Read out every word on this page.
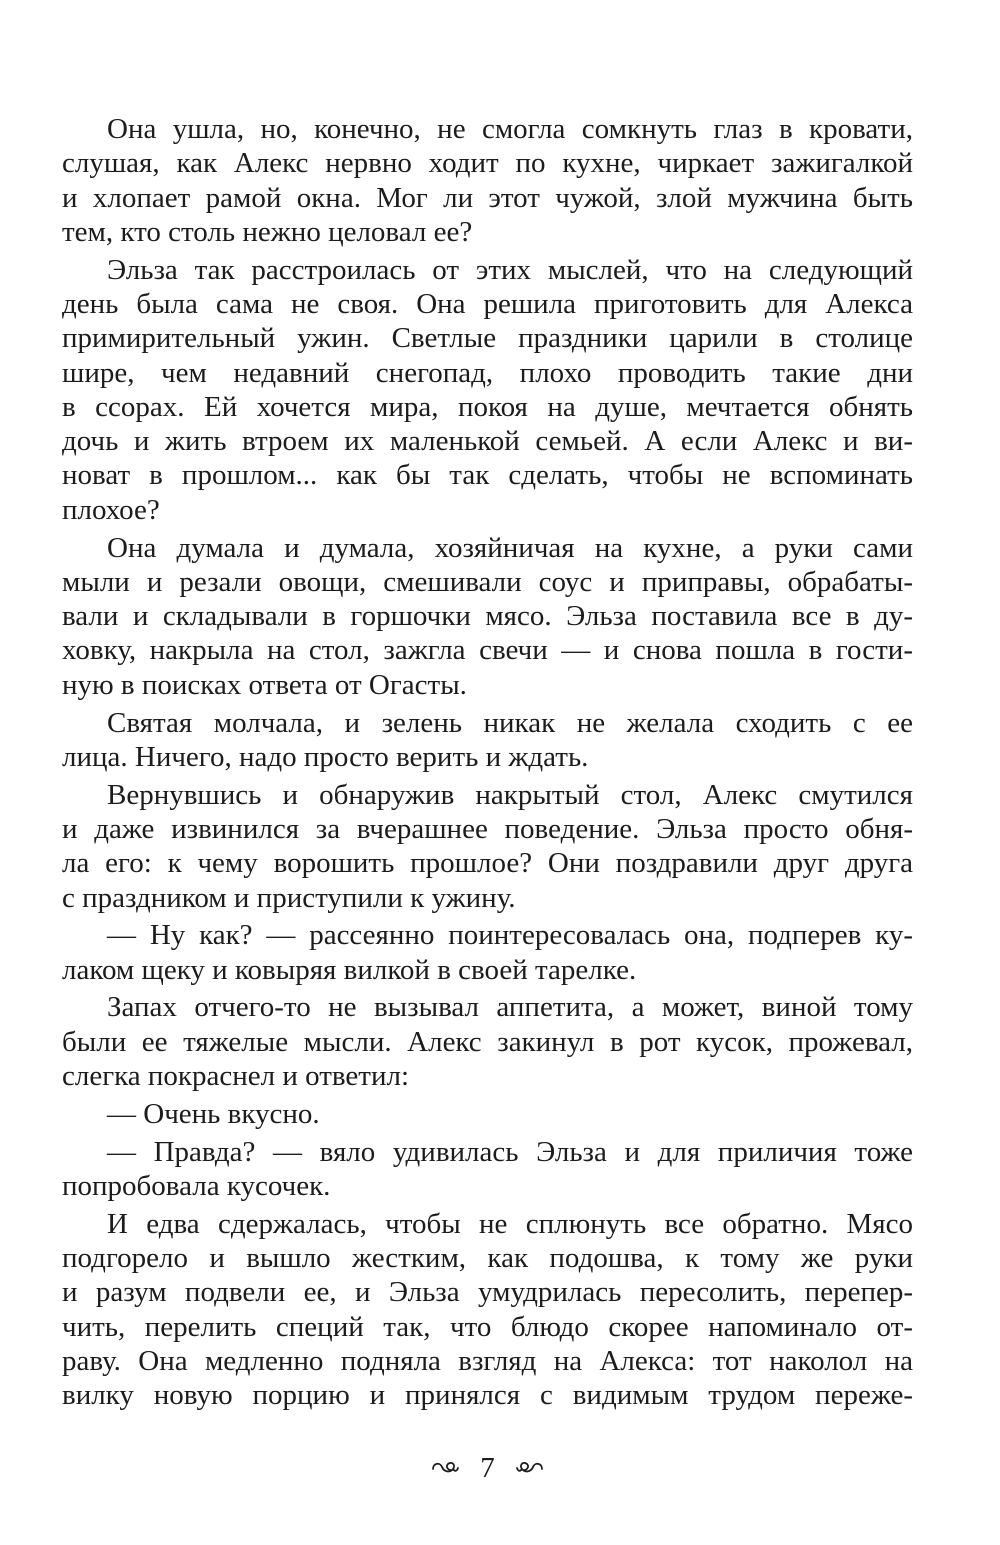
Она ушла, но, конечно, не смогла сомкнуть глаз в кровати,
слушая, как Алекс нервно ходит по кухне, чиркает зажигалкой
и хлопает рамой окна. Мог ли этот чужой, злой мужчина быть
тем, кто столь нежно целовал ее?
Эльза так расстроилась от этих мыслей, что на следующий
день была сама не своя. Она решила приготовить для Алекса
примирительный ужин. Светлые праздники царили в столице
шире, чем недавний снегопад, плохо проводить такие дни
в ссорах. Ей хочется мира, покоя на душе, мечтается обнять
дочь и жить втроем их маленькой семьей. А если Алекс и ви-
новат в прошлом... как бы так сделать, чтобы не вспоминать
плохое?
Она думала и думала, хозяйничая на кухне, а руки сами
мыли и резали овощи, смешивали соус и приправы, обрабаты-
вали и складывали в горшочки мясо. Эльза поставила все в ду-
ховку, накрыла на стол, зажгла свечи — и снова пошла в гости-
ную в поисках ответа от Огасты.
Святая молчала, и зелень никак не желала сходить с ее
лица. Ничего, надо просто верить и ждать.
Вернувшись и обнаружив накрытый стол, Алекс смутился
и даже извинился за вчерашнее поведение. Эльза просто обня-
ла его: к чему ворошить прошлое? Они поздравили друг друга
с праздником и приступили к ужину.
— Ну как? — рассеянно поинтересовалась она, подперев ку-
лаком щеку и ковыряя вилкой в своей тарелке.
Запах отчего-то не вызывал аппетита, а может, виной тому
были ее тяжелые мысли. Алекс закинул в рот кусок, прожевал,
слегка покраснел и ответил:
— Очень вкусно.
— Правда? — вяло удивилась Эльза и для приличия тоже
попробовала кусочек.
И едва сдержалась, чтобы не сплюнуть все обратно. Мясо
подгорело и вышло жестким, как подошва, к тому же руки
и разум подвели ее, и Эльза умудрилась пересолить, перепер-
чить, перелить специй так, что блюдо скорее напоминало от-
раву. Она медленно подняла взгляд на Алекса: тот наколол на
вилку новую порцию и принялся с видимым трудом переже-
7
